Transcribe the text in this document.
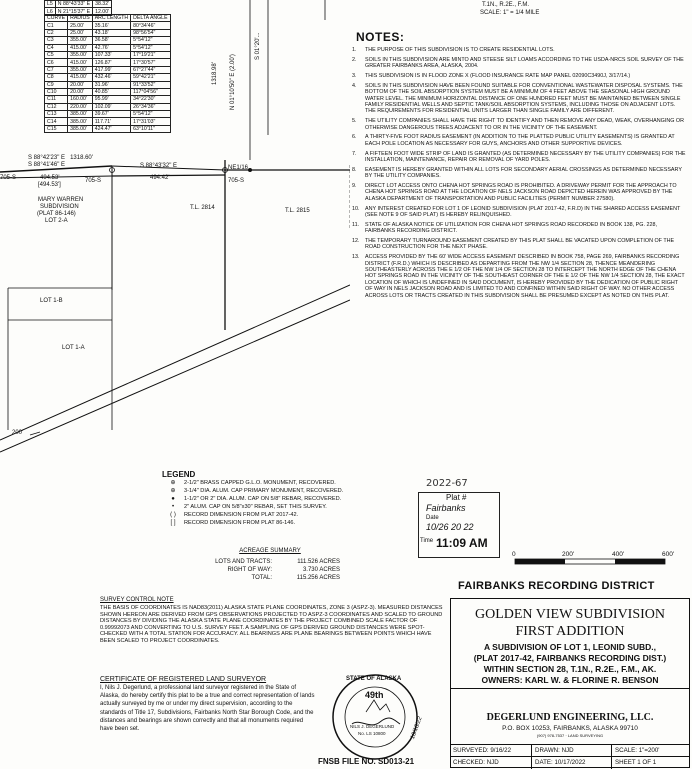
L5	N 88°43'33" E	38.32'
L6	N 21°15'37" E	12.00'
CURVE	RADIUS	ARC LENGTH	DELTA ANGLE
C1	25.00'	35.16'	80°34'46"
C2	25.00'	43.18'	98°56'54"
C3	355.00'	36.58'	5°54'12"
C4	415.00'	42.76'	5°54'12"
C5	355.00'	107.33'	17°19'21"
C6	415.00'	126.87'	17°30'57"
C7	355.00'	417.99'	67°27'44"
C8	415.00'	432.46'	59°42'21"
C9	20.00'	31.96'	91°33'52"
C10	20.00'	40.85'	117°04'56"
C11	160.00'	95.99'	34°22'30"
C12	220.00'	102.09'	26°34'36"
C13	385.00'	39.67'	5°54'12"
C14	385.00'	117.71'	17°31'03"
C15	385.00'	424.47'	63°10'11"
1318.98' N 01°10'50" E (2.00')
S 01°20'...
S 88°42'23" E 1318.60'
S 88°41'46" E	S 88°43'32" E	NE1/16
705-S	494.53'
[494.53']
705-S	494.42'	705-S
MARY WARREN
SUBDIVISION
(PLAT 86-146)
LOT 2-A
T.L. 2814	T.L. 2815
LOT 1-B
LOT 1-A
200'
T.1N., R.2E., F.M.
SCALE: 1" = 1/4 MILE
NOTES:
1.	THE PURPOSE OF THIS SUBDIVISION IS TO CREATE RESIDENTIAL LOTS.
2.	SOILS IN THIS SUBDIVISION ARE MINTO AND STEESE SILT LOAMS ACCORDING TO THE USDA-NRCS SOIL SURVEY OF THE GREATER FAIRBANKS AREA, ALASKA, 2004.
3.	THIS SUBDIVISION IS IN FLOOD ZONE X (FLOOD INSURANCE RATE MAP PANEL 02090C3490J, 3/17/14.)
4.	SOILS IN THIS SUBDIVISION HAVE BEEN FOUND SUITABLE FOR CONVENTIONAL WASTEWATER DISPOSAL SYSTEMS. THE BOTTOM OF THE SOIL ABSORPTION SYSTEM MUST BE A MINIMUM OF 4 FEET ABOVE THE SEASONAL HIGH GROUND WATER LEVEL. THE MINIMUM HORIZONTAL DISTANCE OF ONE HUNDRED FEET MUST BE MAINTAINED BETWEEN SINGLE FAMILY RESIDENTIAL WELLS AND SEPTIC TANK/SOIL ABSORPTION SYSTEMS, INCLUDING THOSE ON ADJACENT LOTS. THE REQUIREMENTS FOR RESIDENTIAL UNITS LARGER THAN SINGLE FAMILY ARE DIFFERENT.
5.	THE UTILITY COMPANIES SHALL HAVE THE RIGHT TO IDENTIFY AND THEN REMOVE ANY DEAD, WEAK, OVERHANGING OR OTHERWISE DANGEROUS TREES ADJACENT TO OR IN THE VICINITY OF THE EASEMENT.
6.	A THIRTY-FIVE FOOT RADIUS EASEMENT (IN ADDITION TO THE PLATTED PUBLIC UTILITY EASEMENTS) IS GRANTED AT EACH POLE LOCATION AS NECESSARY FOR GUYS, ANCHORS AND OTHER SUPPORTIVE DEVICES.
7.	A FIFTEEN FOOT WIDE STRIP OF LAND IS GRANTED (AS DETERMINED NECESSARY BY THE UTILITY COMPANIES) FOR THE INSTALLATION, MAINTENANCE, REPAIR OR REMOVAL OF YARD POLES.
8.	EASEMENT IS HEREBY GRANTED WITHIN ALL LOTS FOR SECONDARY AERIAL CROSSINGS AS DETERMINED NECESSARY BY THE UTILITY COMPANIES.
9.	DIRECT LOT ACCESS ONTO CHENA HOT SPRINGS ROAD IS PROHIBITED. A DRIVEWAY PERMIT FOR THE APPROACH TO CHENA HOT SPRINGS ROAD AT THE LOCATION OF NELS JACKSON ROAD DEPICTED HEREIN WAS APPROVED BY THE ALASKA DEPARTMENT OF TRANSPORTATION AND PUBLIC FACILITIES (PERMIT NUMBER 27580).
10.	ANY INTEREST CREATED FOR LOT 1 OF LEONID SUBDIVISION (PLAT 2017-42, F.R.D) IN THE SHARED ACCESS EASEMENT (SEE NOTE 9 OF SAID PLAT) IS HEREBY RELINQUISHED.
11.	STATE OF ALASKA NOTICE OF UTILIZATION FOR CHENA HOT SPRINGS ROAD RECORDED IN BOOK 138, PG. 228, FAIRBANKS RECORDING DISTRICT.
12.	THE TEMPORARY TURNAROUND EASEMENT CREATED BY THIS PLAT SHALL BE VACATED UPON COMPLETION OF THE ROAD CONSTRUCTION FOR THE NEXT PHASE.
13.	ACCESS PROVIDED BY THE 60' WIDE ACCESS EASEMENT DESCRIBED IN BOOK 758, PAGE 269, FAIRBANKS RECORDING DISTRICT (F.R.D.) WHICH IS DESCRIBED AS DEPARTING FROM THE NW 1/4 SECTION 28, THENCE MEANDERING SOUTHEASTERLY ACROSS THE E 1/2 OF THE NW 1/4 OF SECTION 28 TO INTERCEPT THE NORTH EDGE OF THE CHENA HOT SPRINGS ROAD IN THE VICINITY OF THE SOUTHEAST CORNER OF THE E 1/2 OF THE NW 1/4 SECTION 28, THE EXACT LOCATION OF WHICH IS UNDEFINED IN SAID DOCUMENT, IS HEREBY PROVIDED BY THE DEDICATION OF PUBLIC RIGHT OF WAY IN NELS JACKSON ROAD AND IS LIMITED TO AND CONFINED WITHIN SAID RIGHT OF WAY. NO OTHER ACCESS ACROSS LOTS OR TRACTS CREATED IN THIS SUBDIVISION SHALL BE PRESUMED EXCEPT AS NOTED ON THIS PLAT.
LEGEND
⊕	2-1/2" BRASS CAPPED G.L.O. MONUMENT, RECOVERED.
⊕	3-1/4" DIA. ALUM. CAP PRIMARY MONUMENT, RECOVERED.
●	1-1/2" OR 2" DIA. ALUM. CAP ON 5/8" REBAR, RECOVERED.
•	2" ALUM. CAP ON 5/8"x30" REBAR, SET THIS SURVEY.
( )	RECORD DIMENSION FROM PLAT 2017-42.
[ ]	RECORD DIMENSION FROM PLAT 86-146.
ACREAGE SUMMARY
LOTS AND TRACTS:	111.526 ACRES
RIGHT OF WAY:	3.730 ACRES
TOTAL:	115.256 ACRES
2022-67
Plat #
Fairbanks
Date
10/26 20 22
Time 11:09 AM
0	200'	400'	600'
FAIRBANKS RECORDING DISTRICT
SURVEY CONTROL NOTE
THE BASIS OF COORDINATES IS NAD83(2011) ALASKA STATE PLANE COORDINATES, ZONE 3 (ASPZ-3). MEASURED DISTANCES SHOWN HEREON ARE DERIVED FROM GPS OBSERVATIONS PROJECTED TO ASPZ-3 COORDINATES AND SCALED TO GROUND DISTANCES BY DIVIDING THE ALASKA STATE PLANE COORDINATES BY THE PROJECT COMBINED SCALE FACTOR OF 0.99992073 AND CONVERTING TO U.S. SURVEY FEET. A SAMPLING OF GPS DERIVED GROUND DISTANCES WERE SPOT-CHECKED WITH A TOTAL STATION FOR ACCURACY. ALL BEARINGS ARE PLANE BEARINGS BETWEEN POINTS WHICH HAVE BEEN SCALED TO PROJECT COORDINATES.
CERTIFICATE OF REGISTERED LAND SURVEYOR
I, Nils J. Degerlund, a professional land surveyor registered in the State of Alaska, do hereby certify this plat to be a true and correct representation of lands actually surveyed by me or under my direct supervision, according to the standards of Title 17, Subdivisions, Fairbanks North Star Borough Code, and the distances and bearings are shown correctly and that all monuments required have been set.
STATE OF ALASKA
49th
NILS J. DEGERLUND
No. LS 10800	10/18/22
FNSB FILE NO. SD013-21
GOLDEN VIEW SUBDIVISION
FIRST ADDITION
A SUBDIVISION OF LOT 1, LEONID SUBD.,
(PLAT 2017-42, FAIRBANKS RECORDING DIST.)
WITHIN SECTION 28, T.1N., R.2E., F.M., AK.
OWNERS: KARL W. & FLORINE R. BENSON
DEGERLUND ENGINEERING, LLC.
P.O. BOX 10253, FAIRBANKS, ALASKA 99710
(907) 978-7537 · LAND SURVEYING
SURVEYED: 9/16/22	DRAWN: NJD	SCALE: 1"=200'
CHECKED: NJD	DATE: 10/17/2022	SHEET 1 OF 1
